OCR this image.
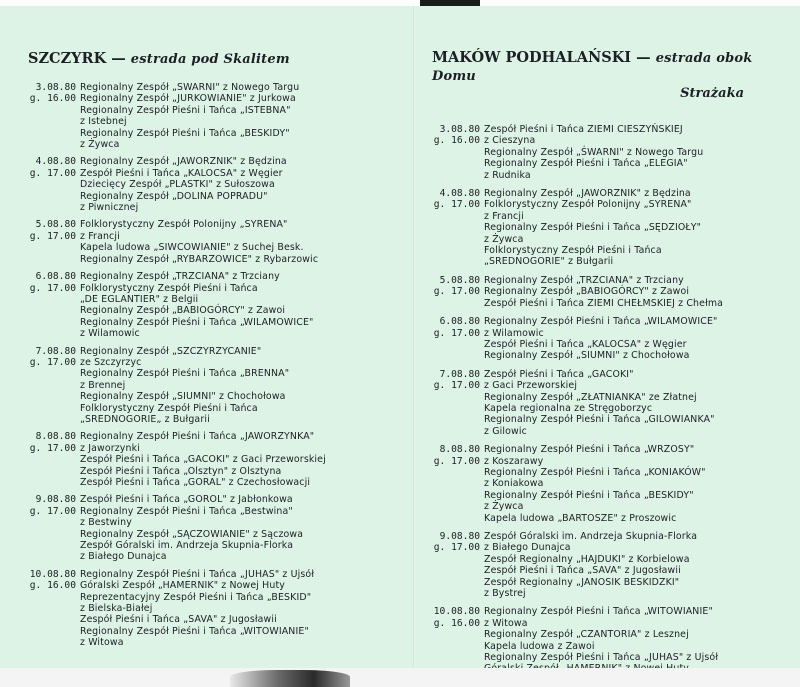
SZCZYRK — estrada pod Skalitem
3.08.80
g. 16.00
Regionalny Zespół „SWARNI" z Nowego Targu
Regionalny Zespół „JURKOWIANIE" z Jurkowa
Regionalny Zespół Pieśni i Tańca „ISTEBNA"
z Istebnej
Regionalny Zespół Pieśni i Tańca „BESKIDY"
z Żywca
4.08.80
g. 17.00
Regionalny Zespół „JAWORZNIK" z Będzina
Zespół Pieśni i Tańca „KALOCSA" z Węgier
Dziecięcy Zespół „PLASTKI" z Sułoszowa
Regionalny Zespół „DOLINA POPRADU"
z Piwnicznej
5.08.80
g. 17.00
Folklorystyczny Zespół Polonijny „SYRENA"
z Francji
Kapela ludowa „SIWCOWIANIE" z Suchej Besk.
Regionalny Zespół „RYBARZOWICE" z Rybarzowic
6.08.80
g. 17.00
Regionalny Zespół „TRZCIANA" z Trzciany
Folklorystyczny Zespół Pieśni i Tańca
„DE EGLANTIER" z Belgii
Regionalny Zespół „BABIOGÓRCY" z Zawoi
Regionalny Zespół Pieśni i Tańca „WILAMOWICE"
z Wilamowic
7.08.80
g. 17.00
Regionalny Zespół „SZCZYRZYCANIE"
ze Szczyrzyc
Regionalny Zespół Pieśni i Tańca „BRENNA"
z Brennej
Regionalny Zespół „SIUMNI" z Chochołowa
Folklorystyczny Zespół Pieśni i Tańca
„SREDNOGORIE„ z Bułgarii
8.08.80
g. 17.00
Regionalny Zespół Pieśni i Tańca „JAWORZYNKA"
z Jaworzynki
Zespół Pieśni i Tańca „GACOKI" z Gaci Przeworskiej
Zespół Pieśni i Tańca „Olsztyn" z Olsztyna
Zespół Pieśni i Tańca „GORAL" z Czechosłowacji
9.08.80
g. 17.00
Zespół Pieśni i Tańca „GOROL" z Jabłonkowa
Regionalny Zespół Pieśni i Tańca „Bestwina"
z Bestwiny
Regionalny Zespół „SĄCZOWIANIE" z Sączowa
Zespół Góralski im. Andrzeja Skupnia-Florka
z Białego Dunajca
10.08.80
g. 16.00
Regionalny Zespół Pieśni i Tańca „JUHAS" z Ujsół
Góralski Zespół „HAMERNIK" z Nowej Huty
Reprezentacyjny Zespół Pieśni i Tańca „BESKID"
z Bielska-Białej
Zespół Pieśni i Tańca „SAVA" z Jugosławii
Regionalny Zespół Pieśni i Tańca „WITOWIANIE"
z Witowa
MAKÓW PODHALAŃSKI — estrada obok Domu
Strażaka
3.08.80
g. 16.00
Zespół Pieśni i Tańca ZIEMI CIESZYŃSKIEJ
z Cieszyna
Regionalny Zespół „ŚWARNI" z Nowego Targu
Regionalny Zespół Pieśni i Tańca „ELEGIA"
z Rudnika
4.08.80
g. 17.00
Regionalny Zespół „JAWORZNIK" z Będzina
Folklorystyczny Zespół Polonijny „SYRENA"
z Francji
Regionalny Zespół Pieśni i Tańca „SĘDZIOŁY"
z Żywca
Folklorystyczny Zespół Pieśni i Tańca
„SREDNOGORIE" z Bułgarii
5.08.80
g. 17.00
Regionalny Zespół „TRZCIANA" z Trzciany
Regionalny Zespół „BABIOGÓRCY" z Zawoi
Zespół Pieśni i Tańca ZIEMI CHEŁMSKIEJ z Chełma
6.08.80
g. 17.00
Regionalny Zespół Pieśni i Tańca „WILAMOWICE"
z Wilamowic
Zespół Pieśni i Tańca „KALOCSA" z Węgier
Regionalny Zespół „SIUMNI" z Chochołowa
7.08.80
g. 17.00
Zespół Pieśni i Tańca „GACOKI"
z Gaci Przeworskiej
Regionalny Zespół „ZŁATNIANKA" ze Złatnej
Kapela regionalna ze Stręgoborzyc
Regionalny Zespół Pieśni i Tańca „GILOWIANKA"
z Gilowic
8.08.80
g. 17.00
Regionalny Zespół Pieśni i Tańca „WRZOSY"
z Koszarawy
Regionalny Zespół Pieśni i Tańca „KONIAKÓW"
z Koniakowa
Regionalny Zespół Pieśni i Tańca „BESKIDY"
z Żywca
Kapela ludowa „BARTOSZE" z Proszowic
9.08.80
g. 17.00
Zespół Góralski im. Andrzeja Skupnia-Florka
z Białego Dunajca
Zespół Regionalny „HAJDUKI" z Korbielowa
Zespół Pieśni i Tańca „SAVA" z Jugosławii
Zespół Regionalny „JANOSIK BESKIDZKI"
z Bystrej
10.08.80
g. 16.00
Regionalny Zespół Pieśni i Tańca „WITOWIANIE"
z Witowa
Regionalny Zespół „CZANTORIA" z Lesznej
Kapela ludowa z Zawoi
Regionalny Zespół Pieśni i Tańca „JUHAS" z Ujsół
